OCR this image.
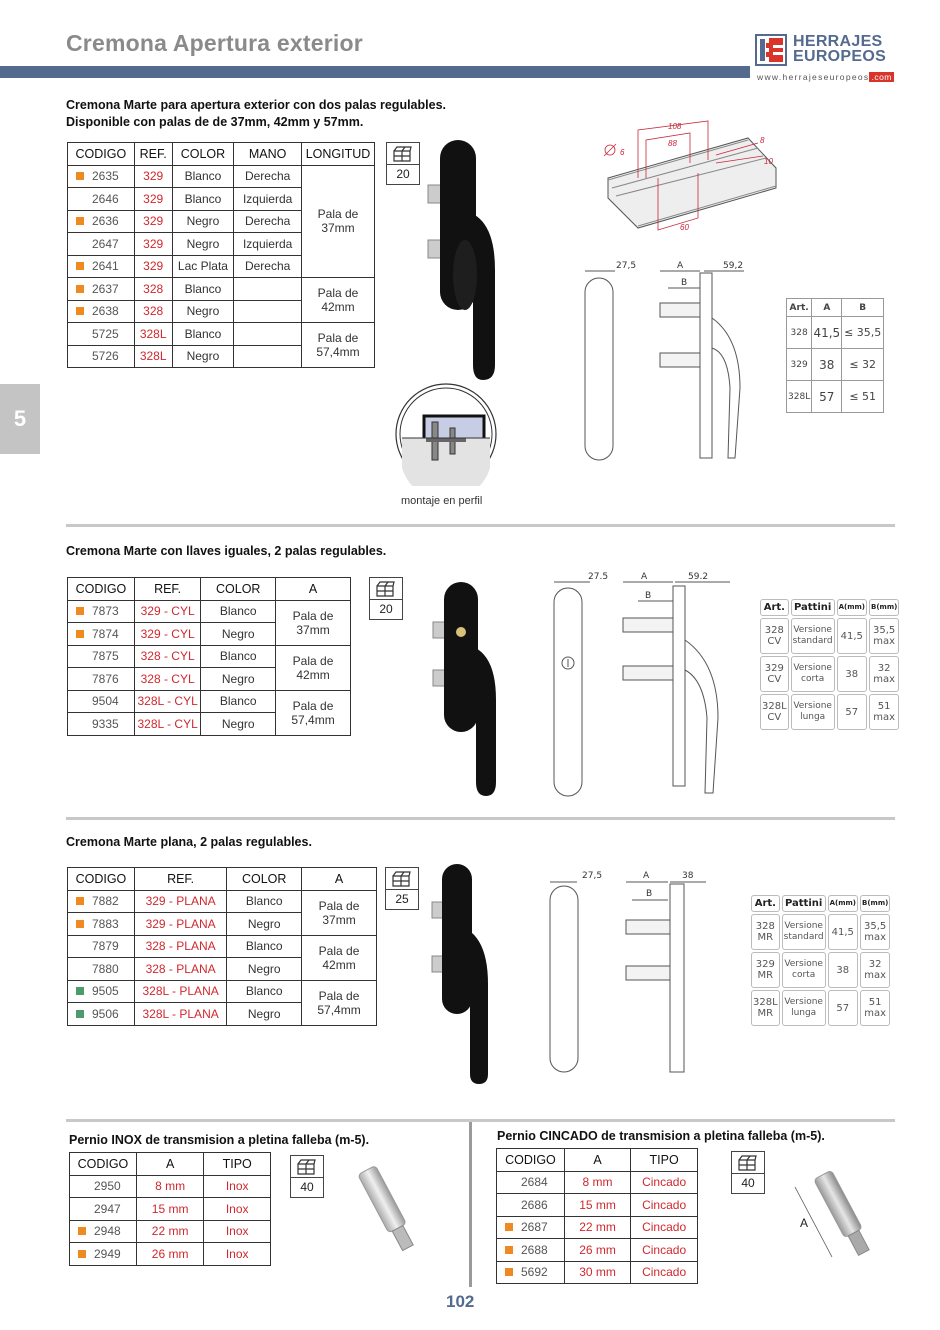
Cremona Apertura exterior	HERRAJES
EUROPEOS
www.herrajeseuropeos .com
5
Cremona Marte para apertura exterior con dos palas regulables.
Disponible con palas de de 37mm, 42mm y 57mm.
CODIGO	REF.	COLOR	MANO	LONGITUD
2635	329	Blanco	Derecha	Pala de 37mm
2646	329	Blanco	Izquierda	
2636	329	Negro	Derecha	
2647	329	Negro	Izquierda	
2641	329	Lac Plata	Derecha	
2637	328	Blanco		Pala de 42mm
2638	328	Negro		
5725	328L	Blanco		Pala de 57,4mm
5726	328L	Negro		
20
montaje en perfil
108
88	8
10
60
6
27,5	A
B
59,2
Art.	A	B
328	41,5	≤ 35,5
329	38	≤ 32
328L	57	≤ 51
Cremona Marte con llaves iguales, 2 palas regulables.
CODIGO	REF.	COLOR	A
7873	329 - CYL	Blanco	Pala de 37mm
7874	329 - CYL	Negro	
7875	328 - CYL	Blanco	Pala de 42mm
7876	328 - CYL	Negro	
9504	328L - CYL	Blanco	Pala de 57,4mm
9335	328L - CYL	Negro	
20
27.5	A
B
59.2
Art.	Pattini	A(mm)	B(mm)
328 CV	Versione standard	41,5	35,5 max
329 CV	Versione corta	38	32 max
328L CV	Versione lunga	57	51 max
Cremona Marte plana, 2 palas regulables.
CODIGO	REF.	COLOR	A
7882	329 - PLANA	Blanco	Pala de 37mm
7883	329 - PLANA	Negro	
7879	328 - PLANA	Blanco	Pala de 42mm
7880	328 - PLANA	Negro	
9505	328L - PLANA	Blanco	Pala de 57,4mm
9506	328L - PLANA	Negro	
25
27,5	A
B
38
Art.	Pattini	A(mm)	B(mm)
328 MR	Versione standard	41,5	35,5 max
329 MR	Versione corta	38	32 max
328L MR	Versione lunga	57	51 max
Pernio INOX de transmision a pletina falleba (m-5).
CODIGO	A	TIPO
2950	8 mm	Inox
2947	15 mm	Inox
2948	22 mm	Inox
2949	26 mm	Inox
40
Pernio CINCADO de transmision a pletina falleba (m-5).
CODIGO	A	TIPO
2684	8 mm	Cincado
2686	15 mm	Cincado
2687	22 mm	Cincado
2688	26 mm	Cincado
5692	30 mm	Cincado
40
A
102
